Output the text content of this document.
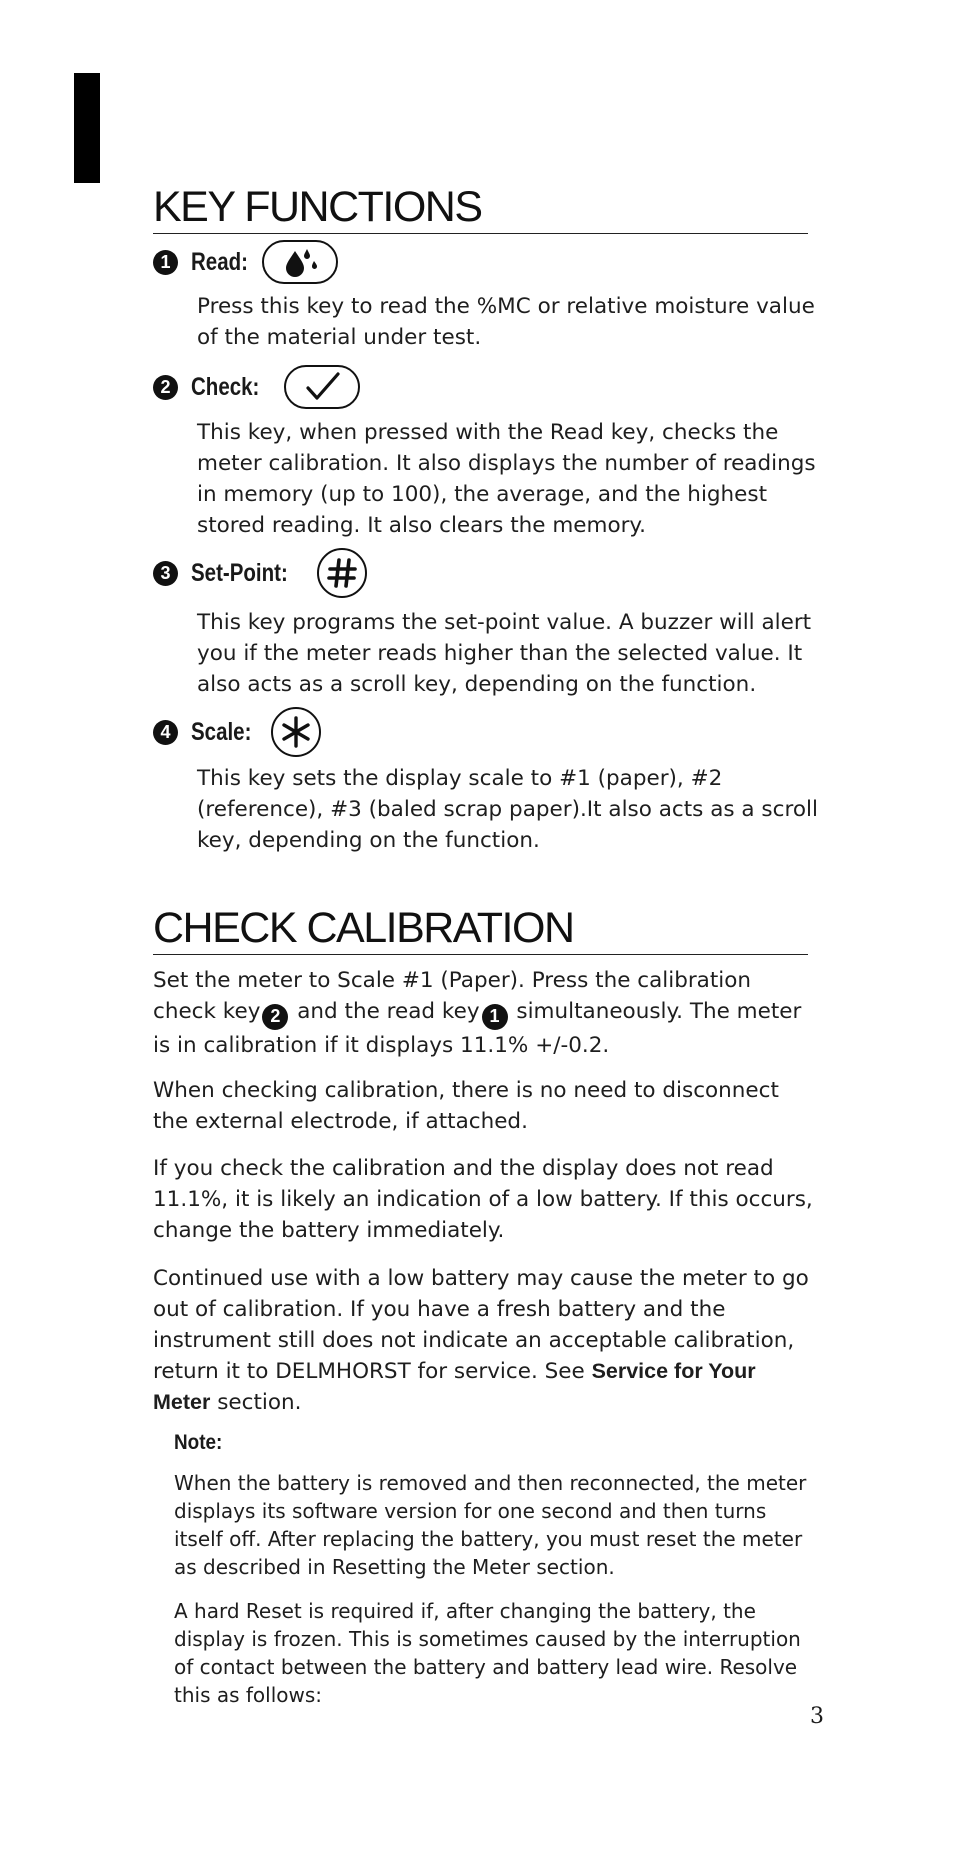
KEY FUNCTIONS
1 Read:

Press this key to read the %MC or relative moisture value of the material under test.

2 Check:

This key, when pressed with the Read key, checks the meter calibration. It also displays the number of readings in memory (up to 100), the average, and the highest stored reading. It also clears the memory.

3 Set-Point:

This key programs the set-point value. A buzzer will alert you if the meter reads higher than the selected value. It also acts as a scroll key, depending on the function.

4 Scale:

This key sets the display scale to #1 (paper), #2 (reference), #3 (baled scrap paper).It also acts as a scroll key, depending on the function.

CHECK CALIBRATION

Set the meter to Scale #1 (Paper). Press the calibration check key 2 and the read key 1 simultaneously. The meter is in calibration if it displays 11.1% +/-0.2.

When checking calibration, there is no need to disconnect the external electrode, if attached.

If you check the calibration and the display does not read 11.1%, it is likely an indication of a low battery. If this occurs, change the battery immediately.

Continued use with a low battery may cause the meter to go out of calibration. If you have a fresh battery and the instrument still does not indicate an acceptable calibration, return it to DELMHORST for service. See Service for Your Meter section.

Note:

When the battery is removed and then reconnected, the meter displays its software version for one second and then turns itself off. After replacing the battery, you must reset the meter as described in Resetting the Meter section.

A hard Reset is required if, after changing the battery, the display is frozen. This is sometimes caused by the interruption of contact between the battery and battery lead wire. Resolve this as follows:

3
